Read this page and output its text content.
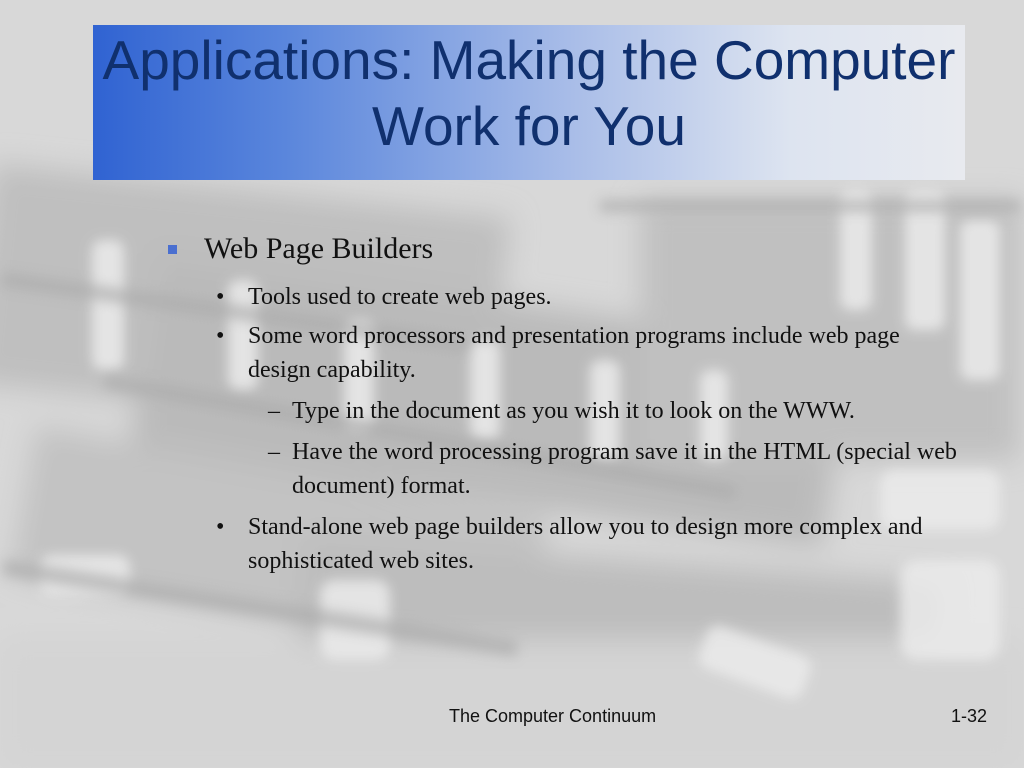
Applications: Making the Computer Work for You
Web Page Builders
• Tools used to create web pages.
• Some word processors and presentation programs include web page design capability.
– Type in the document as you wish it to look on the WWW.
– Have the word processing program save it in the HTML (special web document) format.
• Stand-alone web page builders allow you to design more complex and sophisticated web sites.
The Computer Continuum	1-32
